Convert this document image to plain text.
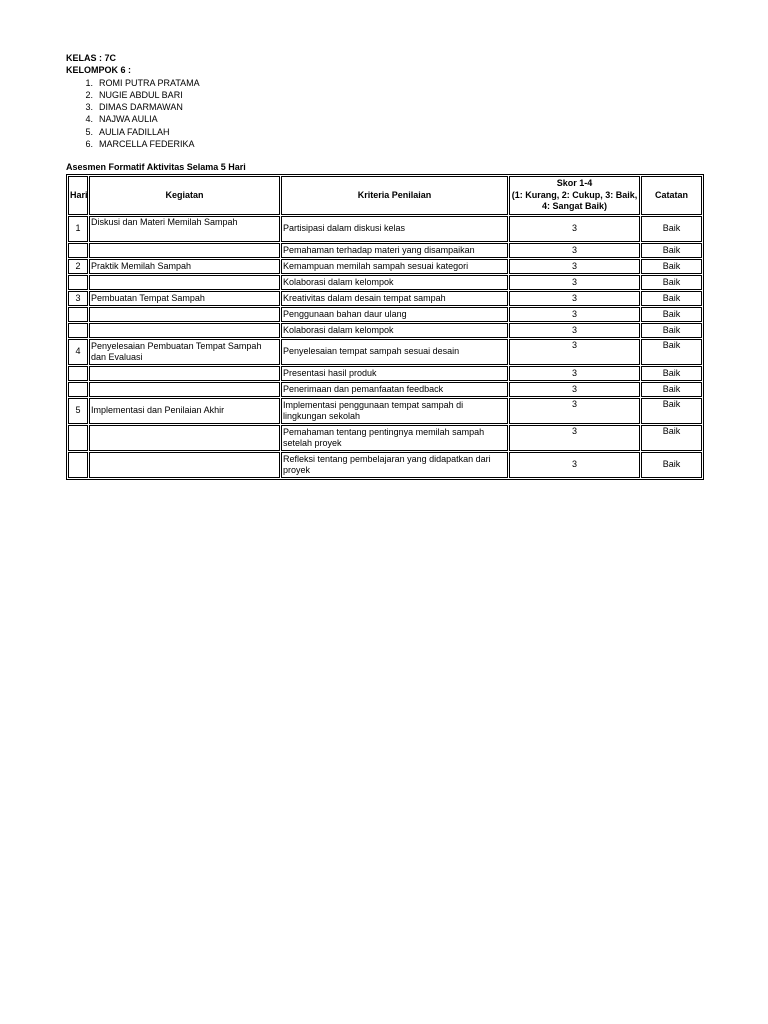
KELAS : 7C
KELOMPOK 6 :
1. ROMI PUTRA PRATAMA
2. NUGIE ABDUL BARI
3. DIMAS DARMAWAN
4. NAJWA AULIA
5. AULIA FADILLAH
6. MARCELLA FEDERIKA
Asesmen Formatif Aktivitas Selama 5 Hari
Hari	Kegiatan	Kriteria Penilaian	Skor 1-4
(1: Kurang, 2: Cukup, 3: Baik,
4: Sangat Baik)	Catatan
1	Diskusi dan Materi Memilah Sampah	Partisipasi dalam diskusi kelas	3	Baik
		Pemahaman terhadap materi yang disampaikan	3	Baik
2	Praktik Memilah Sampah	Kemampuan memilah sampah sesuai kategori	3	Baik
		Kolaborasi dalam kelompok	3	Baik
3	Pembuatan Tempat Sampah	Kreativitas dalam desain tempat sampah	3	Baik
		Penggunaan bahan daur ulang	3	Baik
		Kolaborasi dalam kelompok	3	Baik
4	Penyelesaian Pembuatan Tempat Sampah dan Evaluasi	Penyelesaian tempat sampah sesuai desain	3	Baik
		Presentasi hasil produk	3	Baik
		Penerimaan dan pemanfaatan feedback	3	Baik
5	Implementasi dan Penilaian Akhir	Implementasi penggunaan tempat sampah di lingkungan sekolah	3	Baik
		Pemahaman tentang pentingnya memilah sampah setelah proyek	3	Baik
		Refleksi tentang pembelajaran yang didapatkan dari proyek	3	Baik
